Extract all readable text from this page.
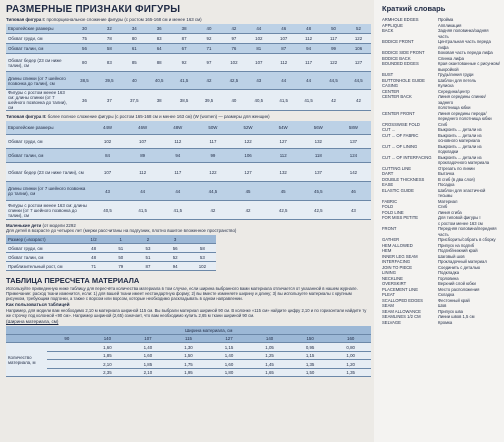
РАЗМЕРНЫЕ ПРИЗНАКИ ФИГУРЫ

Типовая фигура I: пропорциональное сложение фигуры (с ростом 165-168 см и менее 163 см)

Европейские размеры	30	32	34	36	38	40	42	44	46	48	50	52
Обхват груди, см	75	78	80	83	87	92	97	102	107	112	117	122
Обхват талии, см	56	58	61	64	67	71	76	81	87	94	99	106
Обхват бедер (23 см ниже талии), см	80	83	85	88	92	97	102	107	112	117	122	127
Длины спинки (от 7 шейного позвонка до талии), см	38,5	39,5	40	40,5	41,5	42	42,5	43	44	44	44,5	44,5
Фигуры с ростом менее 163 см: длины спинки (от 7 шейного позвонка до талии), см	36	37	37,5	38	38,5	39,5	40	40,5	41,5	41,5	42	42

Типовая фигура II: более полное сложение фигуры (с ростом 165-168 см и менее 163 см) (W (women) — размеры для женщин)

Европейские размеры	44W	46W	48W	50W	52W	54W	56W	58W
Обхват груди, см	102	107	112	117	122	127	132	137
Обхват талии, см	84	89	94	99	106	112	118	124
Обхват бедер (23 см ниже талии), см	107	112	117	122	127	132	137	142
Длины спинки (от 7 шейного позвонка до талии), см	43	44	44	44,5	45	45	45,5	46
Фигуры с ростом менее 163 см: длины спинки (от 7 шейного позвонка до талии), см	40,5	41,5	41,5	42	42	42,5	42,5	43

Маленькие дети (от модели 2292
Для детей в возрасте до четырех лет (мерки рассчитаны на подгузник, плотно вшитое вложенное пространство)

Размер (=возраст)	1/2	1	2	3	
Обхват груди, см	48	51	53	56	58
Обхват талии, см	48	50	51	52	53
Приблизительный рост, см	71	79	87	94	102
ТАБЛИЦА ПЕРЕСЧЕТА МАТЕРИАЛА

Используйте приведенную ниже таблицу для пересчёта количества материала в том случае, если ширина выбранного вами материала отличается от указанной в нашем журнале. Примечание: расход ткани изменится, если: 1) для вашей ткани имеет нестандартную форму; 2) вы вместе изменяете ширину и длину; 3) вы используете материалы с крупным рисунком, требующим подгонки, а также с ворсом или ворсом, которые необходимо раскладывать в одном направлении.

Как пользоваться таблицей

Например, для модели вам необходимо 2,10 м материала шириной 115 см. Вы выбрали материал шириной 90 см. В колонке «115 см» найдите цифру 2,10 и по горизонтали найдите ту же строчку под колонкой «90 см». Например шириной (2,65) означает, что вам необходимо купить 2,65 м ткани шириной 90 см.

(Ширина материала, см)

	Ширина материала, см							
	90	140	107	115	127	140	150	160
Количество материала, м		1,60	1,40	1,30	1,15	1,05	0,95	0,80
		1,85	1,60	1,50	1,40	1,25	1,15	1,00
		2,10	1,85	1,75	1,60	1,45	1,35	1,20
		2,35	2,10	1,95	1,80	1,65	1,50	1,35
Краткий словарь
ARMHOLE EDGES	Пройма
APPLIQUE	Аппликация
BACK	Задняя половинка/задняя часть
BODICE FRONT	Центральная часть переда лифа
BODICE SIDE FRONT	Боковая часть переда лифа
BODICE BACK	Спинка лифа
BOUNDED EDGES	Края окантованные с рисунком/
выкройкой
BUST	Грудь/линия груди
BUTTONHOLE GUIDE	Шаблон для петель
CASING	Кулиска
CENTER	Середина/центр
CENTER BACK	Линия середины спинки/заднего
полотнища юбки
CENTER FRONT	Линия середины переда/
переднего полотнища юбки
CROSSWISE FOLD	Сгиб
CUT ...	Выкроить ... детали из
CUT ... OF FABRIC	Выкроить ... детали из
основного материала
CUT ... OF LINING	Выкроить ... детали из
подкладки
CUT ... OF INTERFACING	Выкроить ... детали из
прокладочного материала
CUTTING LINE	Отрезать по линии
DART	Вытачка
DOUBLE THICKNESS	В сгиб (в два слоя)
EASE	Посадка
ELASTIC GUIDE	Шаблон для эластичной тесьмы
FABRIC	Материал
FOLD	Сгиб
FOLD LINE	Линия сгиба
FOR MISS PETITE	Для типовой фигуры I
с ростом менее 163 см
FRONT	Передняя половина/передняя часть
GATHER	Присборить/собрать в сборку
HEM ALLOWED	Припуск на подгиб
HEM	Подгиб/нижний край
INNER LEG SEAM	Шаговый шов
INTERFACING	Прокладочный материал
JOIN TO PIECE	Соединить с деталью
LINING	Подкладка
NECKLINE	Горловина
OVERSKIRT	Верхний слой юбки
PLACEMENT LINE	Место расположения
PLEAT	Складка
SCALLOPED EDGES	Фестонный край
SEAM	Шов
SEAM ALLOWANCE	Припуск шва
SEAMLINES 1/2 CM	Линии швов 1,5 см
SELVAGE	Кромка
